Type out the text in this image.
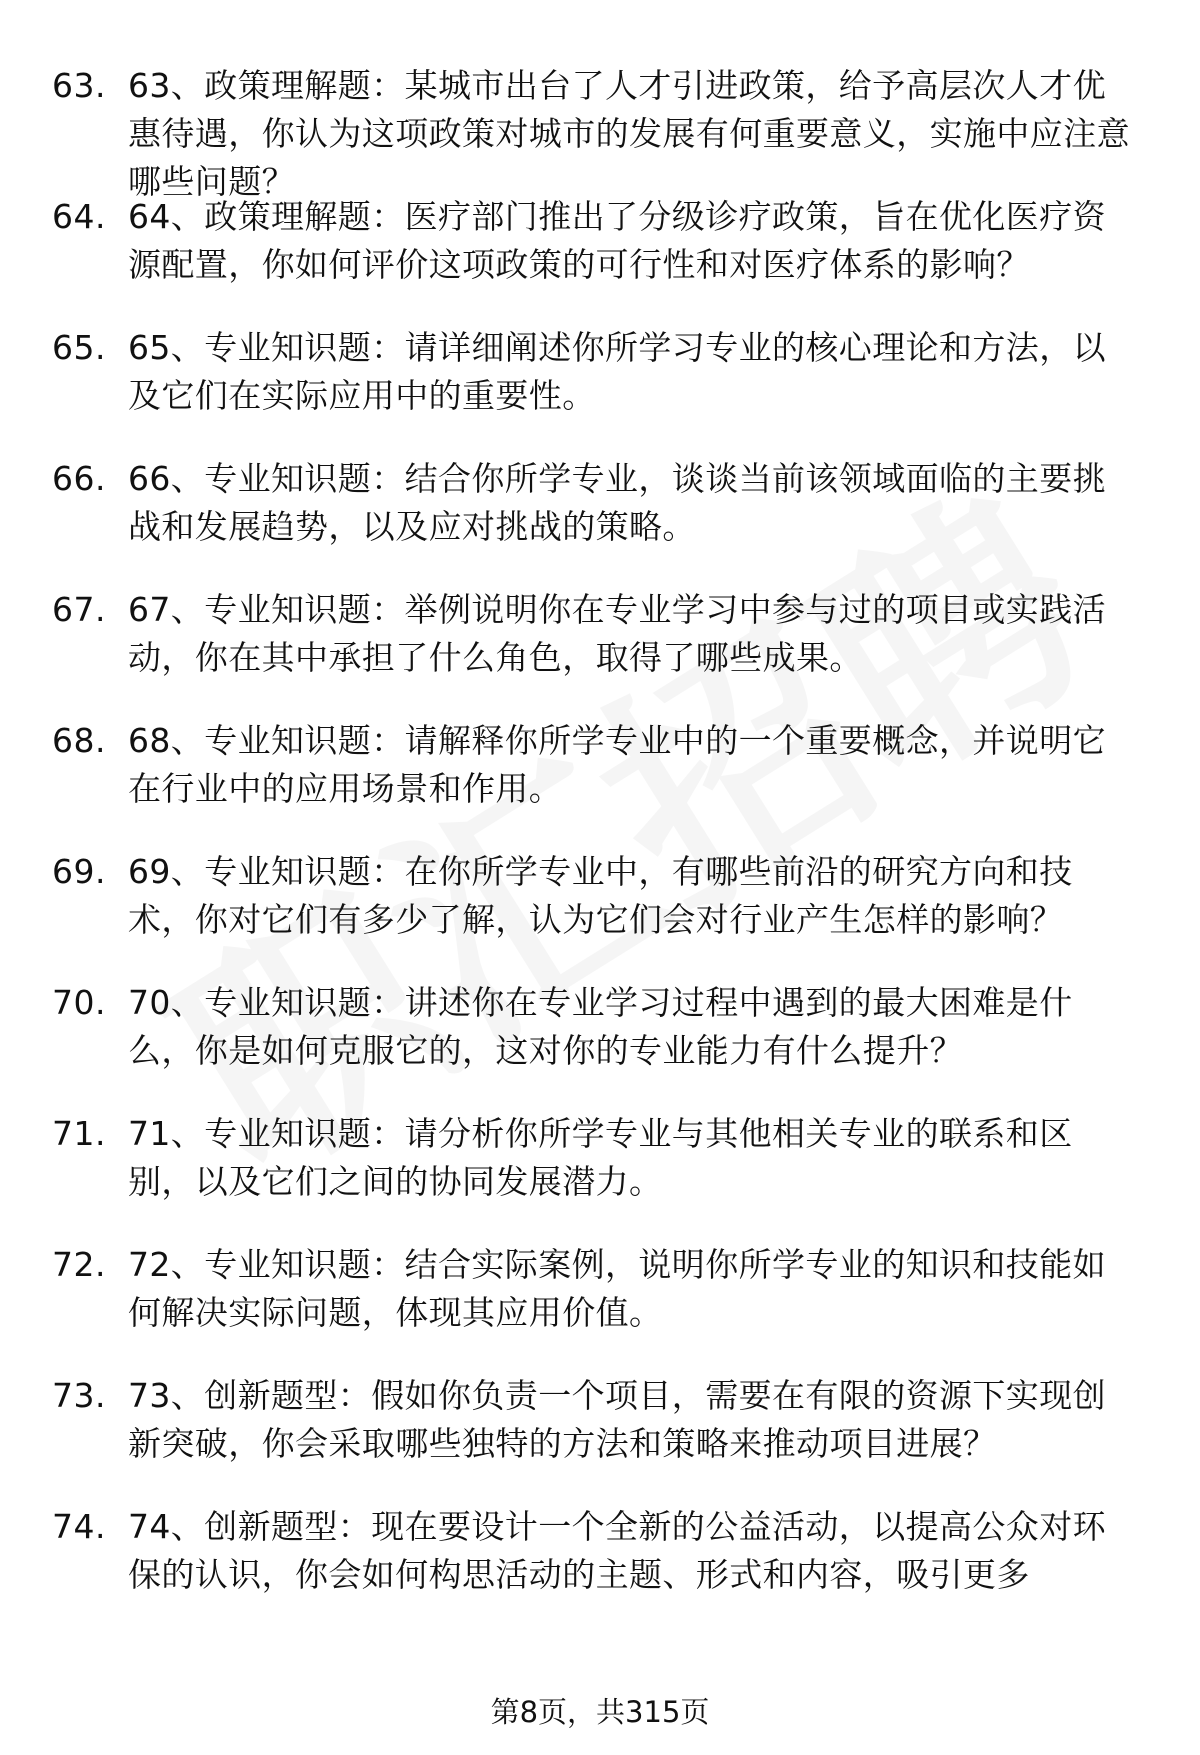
63. 63、政策理解题：某城市出台了人才引进政策，给予高层次人才优惠待遇，你认为这项政策对城市的发展有何重要意义，实施中应注意哪些问题？
64. 64、政策理解题：医疗部门推出了分级诊疗政策，旨在优化医疗资源配置，你如何评价这项政策的可行性和对医疗体系的影响？
65. 65、专业知识题：请详细阐述你所学习专业的核心理论和方法，以及它们在实际应用中的重要性。
66. 66、专业知识题：结合你所学专业，谈谈当前该领域面临的主要挑战和发展趋势，以及应对挑战的策略。
67. 67、专业知识题：举例说明你在专业学习中参与过的项目或实践活动，你在其中承担了什么角色，取得了哪些成果。
68. 68、专业知识题：请解释你所学专业中的一个重要概念，并说明它在行业中的应用场景和作用。
69. 69、专业知识题：在你所学专业中，有哪些前沿的研究方向和技术，你对它们有多少了解，认为它们会对行业产生怎样的影响？
70. 70、专业知识题：讲述你在专业学习过程中遇到的最大困难是什么，你是如何克服它的，这对你的专业能力有什么提升？
71. 71、专业知识题：请分析你所学专业与其他相关专业的联系和区别，以及它们之间的协同发展潜力。
72. 72、专业知识题：结合实际案例，说明你所学专业的知识和技能如何解决实际问题，体现其应用价值。
73. 73、创新题型：假如你负责一个项目，需要在有限的资源下实现创新突破，你会采取哪些独特的方法和策略来推动项目进展？
74. 74、创新题型：现在要设计一个全新的公益活动，以提高公众对环保的认识，你会如何构思活动的主题、形式和内容，吸引更多
第8页，共315页
